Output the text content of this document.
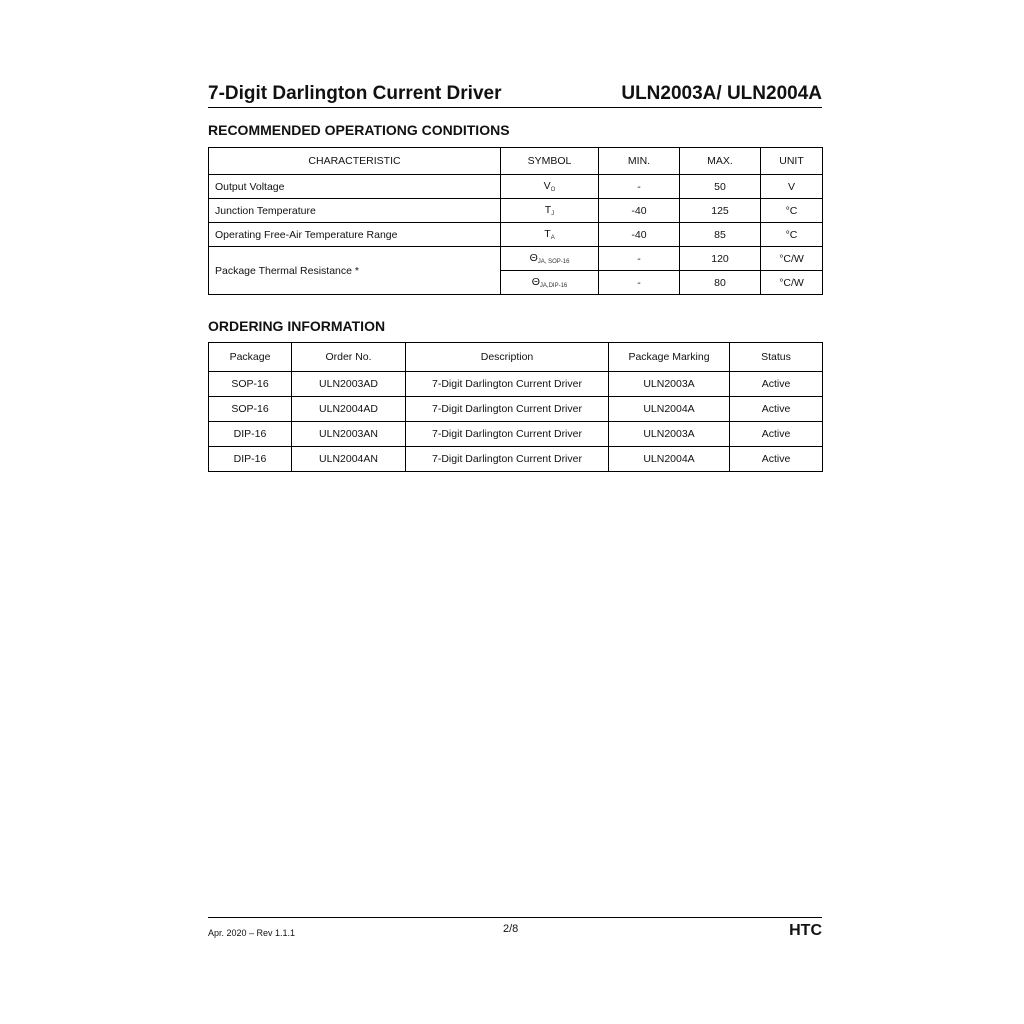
7-Digit Darlington Current Driver	ULN2003A/ ULN2004A
RECOMMENDED OPERATIONG CONDITIONS
CHARACTERISTIC	SYMBOL	MIN.	MAX.	UNIT
Output Voltage	$V_O$	-	50	V
Junction Temperature	$T_J$	-40	125	°C
Operating Free-Air Temperature Range	$T_A$	-40	85	°C
Package Thermal Resistance *	$\Theta_{JA, SOP-16}$	-	120	°C/W
	$\Theta_{JA,DIP-16}$	-	80	°C/W
ORDERING INFORMATION
Package	Order No.	Description	Package Marking	Status
SOP-16	ULN2003AD	7-Digit Darlington Current Driver	ULN2003A	Active
SOP-16	ULN2004AD	7-Digit Darlington Current Driver	ULN2004A	Active
DIP-16	ULN2003AN	7-Digit Darlington Current Driver	ULN2003A	Active
DIP-16	ULN2004AN	7-Digit Darlington Current Driver	ULN2004A	Active
Apr. 2020 – Rev 1.1.1	2/8	HTC
